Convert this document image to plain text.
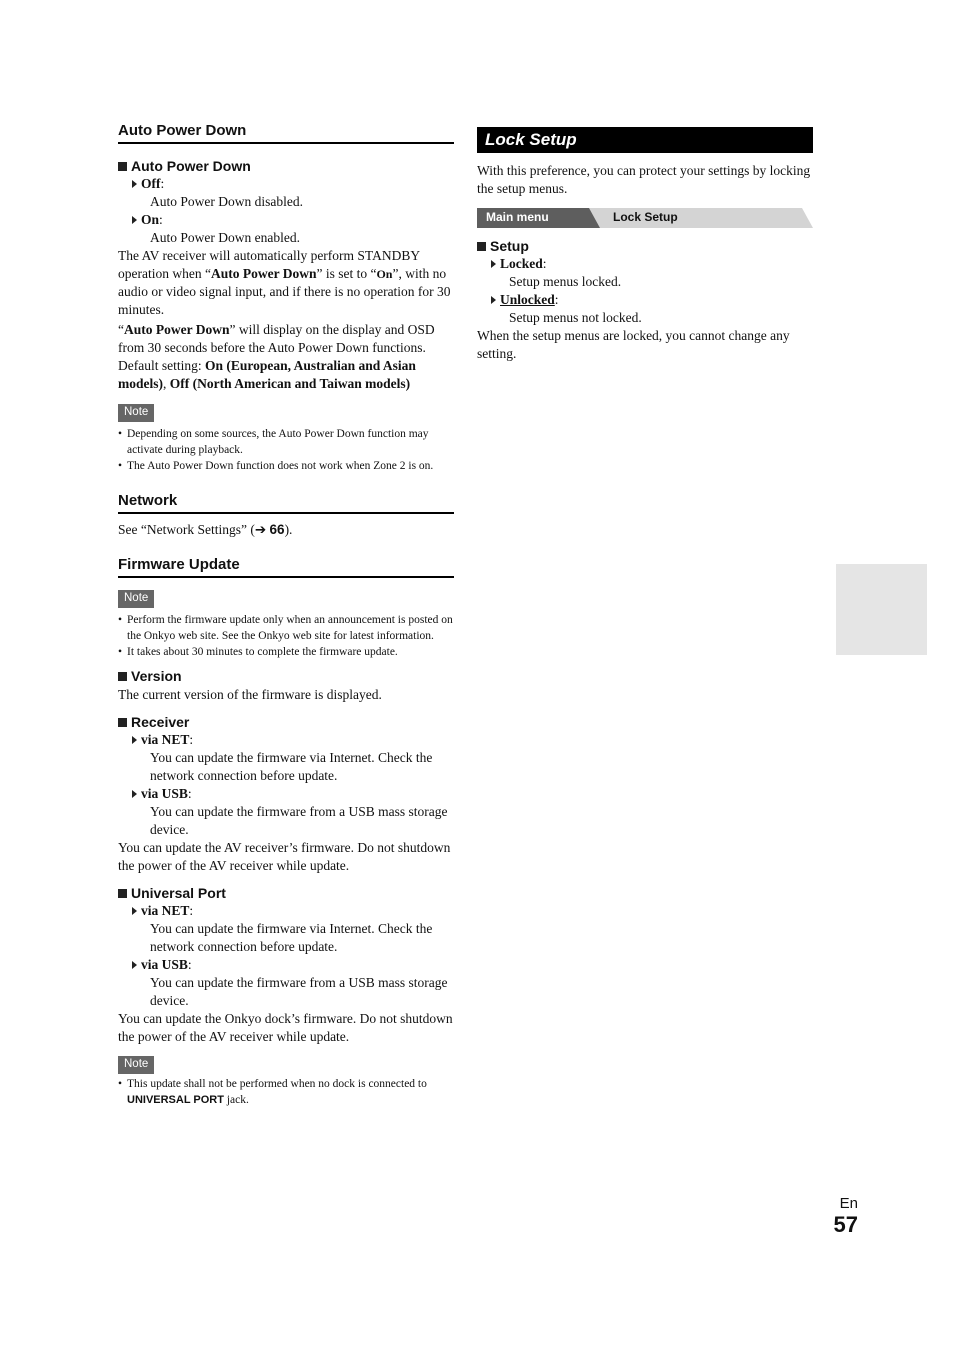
Auto Power Down
Auto Power Down
Off :
Auto Power Down disabled.
On :
Auto Power Down enabled.

The AV receiver will automatically perform STANDBY operation when “Auto Power Down” is set to “On”, with no audio or video signal input, and if there is no operation for 30 minutes.

“Auto Power Down” will display on the display and OSD from 30 seconds before the Auto Power Down functions.

Default setting: On (European, Australian and Asian models), Off (North American and Taiwan models)

Note
• Depending on some sources, the Auto Power Down function may activate during playback.
• The Auto Power Down function does not work when Zone 2 is on.
Network

See “Network Settings” (➔ 66).

Firmware Update
Note
• Perform the firmware update only when an announcement is posted on the Onkyo web site. See the Onkyo web site for latest information.
• It takes about 30 minutes to complete the firmware update.
Version

The current version of the firmware is displayed.

Receiver
via NET :
You can update the firmware via Internet. Check the network connection before update.
via USB :
You can update the firmware from a USB mass storage device.

You can update the AV receiver’s firmware. Do not shutdown the power of the AV receiver while update.

Universal Port
via NET :
You can update the firmware via Internet. Check the network connection before update.
via USB :
You can update the firmware from a USB mass storage device.

You can update the Onkyo dock’s firmware. Do not shutdown the power of the AV receiver while update.

Note
• This update shall not be performed when no dock is connected to UNIVERSAL PORT jack.
Lock Setup

With this preference, you can protect your settings by locking the setup menus.

Main menu	Lock Setup
Setup
Locked :
Setup menus locked.
Unlocked :
Setup menus not locked.

When the setup menus are locked, you cannot change any setting.

En
57
